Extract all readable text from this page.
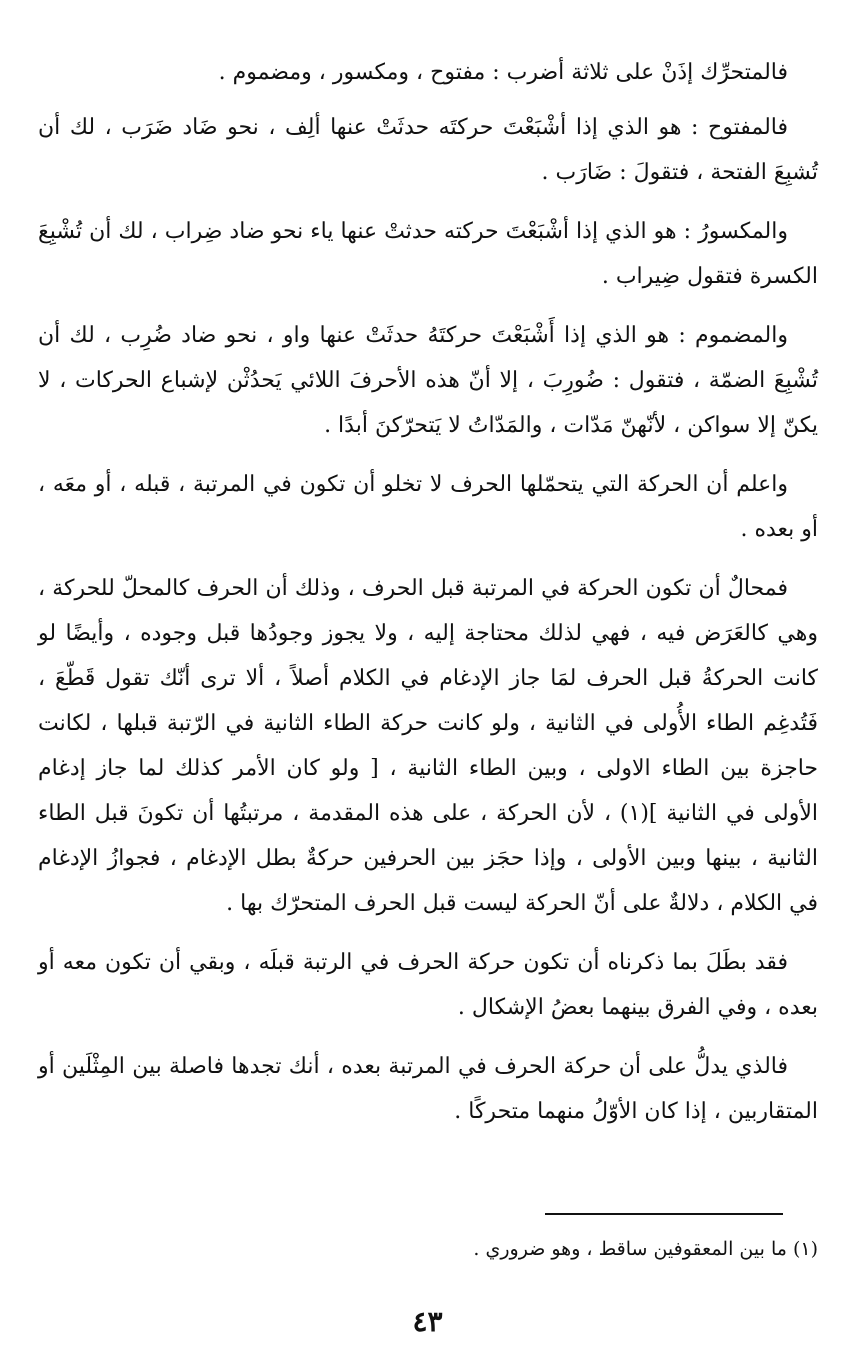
فالمتحرِّك إذَنْ على ثلاثة أضرب : مفتوح ، ومكسور ، ومضموم .

فالمفتوح : هو الذي إذا أشْبَعْتَ حركتَه حدثَتْ عنها ألِف ، نحو ضَاد ضَرَب ، لك أن تُشبِعَ الفتحة ، فتقولَ : ضَارَب .

والمكسورُ : هو الذي إذا أشْبَعْتَ حركته حدثتْ عنها ياء نحو ضاد ضِراب ، لك أن تُشْبِعَ الكسرة فتقول ضِيراب .

والمضموم : هو الذي إذا أَشْبَعْتَ حركتَهُ حدثَتْ عنها واو ، نحو ضاد ضُرِب ، لك أن تُشْبِعَ الضمّة ، فتقول : ضُورِبَ ، إلا أنّ هذه الأحرفَ اللائي يَحدُثْن لإشباع الحركات ، لا يكنّ إلا سواكن ، لأنّهنّ مَدّات ، والمَدّاتُ لا يَتحرّكنَ أبدًا .

واعلم أن الحركة التي يتحمّلها الحرف لا تخلو أن تكون في المرتبة ، قبله ، أو معَه ، أو بعده .

فمحالٌ أن تكون الحركة في المرتبة قبل الحرف ، وذلك أن الحرف كالمحلّ للحركة ، وهي كالعَرَض فيه ، فهي لذلك محتاجة إليه ، ولا يجوز وجودُها قبل وجوده ، وأيضًا لو كانت الحركةُ قبل الحرف لمَا جاز الإدغام في الكلام أصلاً ، ألا ترى أنّك تقول قَطّعَ ، فَتُدغِم الطاء الأُولى في الثانية ، ولو كانت حركة الطاء الثانية في الرّتبة قبلها ، لكانت حاجزة بين الطاء الاولى ، وبين الطاء الثانية ، [ ولو كان الأمر كذلك لما جاز إدغام الأولى في الثانية ](١) ، لأن الحركة ، على هذه المقدمة ، مرتبتُها أن تكونَ قبل الطاء الثانية ، بينها وبين الأولى ، وإذا حجَز بين الحرفين حركةٌ بطل الإدغام ، فجوازُ الإدغام في الكلام ، دلالةٌ على أنّ الحركة ليست قبل الحرف المتحرّك بها .

فقد بطَلَ بما ذكرناه أن تكون حركة الحرف في الرتبة قبلَه ، وبقي أن تكون معه أو بعده ، وفي الفرق بينهما بعضُ الإشكال .

فالذي يدلُّ على أن حركة الحرف في المرتبة بعده ، أنك تجدها فاصلة بين المِثْلَين أو المتقاربين ، إذا كان الأوّلُ منهما متحركًا .

(١) ما بين المعقوفين ساقط ، وهو ضروري .
٤٣
